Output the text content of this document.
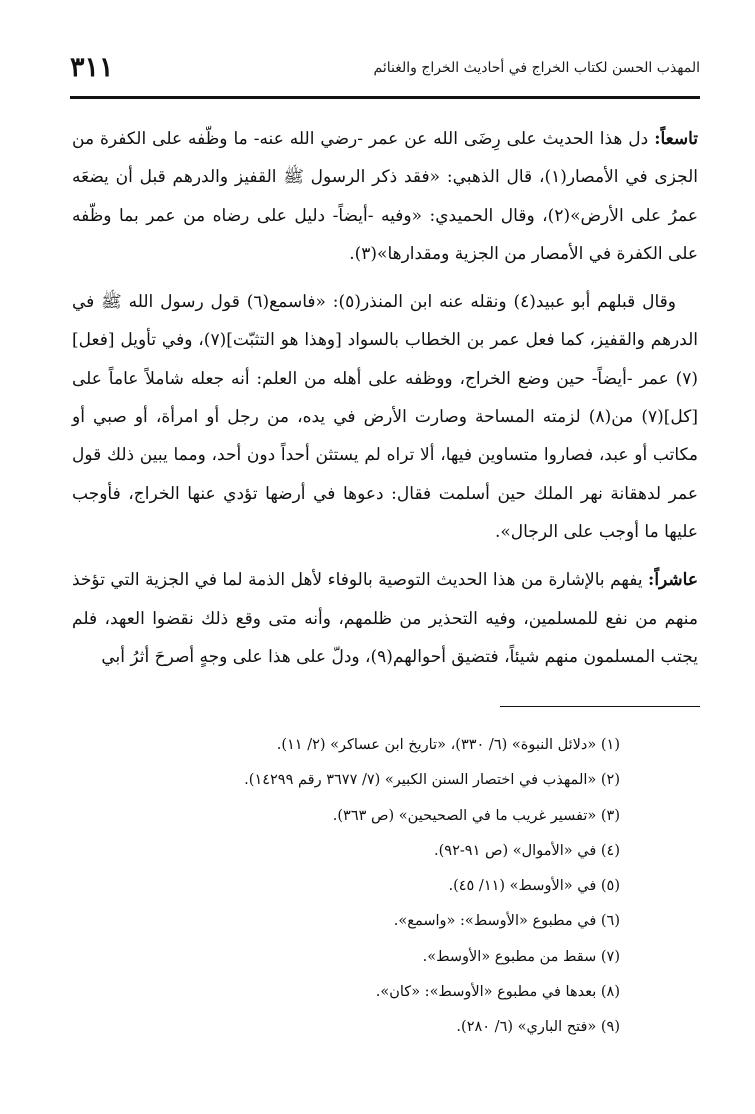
٣١١	المهذب الحسن لكتاب الخراج في أحاديث الخراج والغنائم

تاسعاً: دل هذا الحديث على رِضَى الله عن عمر -رضي الله عنه- ما وظّفه على الكفرة من الجزى في الأمصار(١)، قال الذهبي: «فقد ذكر الرسول ﷺ القفيز والدرهم قبل أن يضعَه عمرُ على الأرض»(٢)، وقال الحميدي: «وفيه -أيضاً- دليل على رضاه من عمر بما وظّفه على الكفرة في الأمصار من الجزية ومقدارها»(٣).

وقال قبلهم أبو عبيد(٤) ونقله عنه ابن المنذر(٥): «فاسمع(٦) قول رسول الله ﷺ في الدرهم والقفيز، كما فعل عمر بن الخطاب بالسواد [وهذا هو التثبّت](٧)، وفي تأويل [فعل](٧) عمر -أيضاً- حين وضع الخراج، ووظفه على أهله من العلم: أنه جعله شاملاً عاماً على [كل](٧) من(٨) لزمته المساحة وصارت الأرض في يده، من رجل أو امرأة، أو صبي أو مكاتب أو عبد، فصاروا متساوين فيها، ألا تراه لم يستثن أحداً دون أحد، ومما يبين ذلك قول عمر لدهقانة نهر الملك حين أسلمت فقال: دعوها في أرضها تؤدي عنها الخراج، فأوجب عليها ما أوجب على الرجال».

عاشراً: يفهم بالإشارة من هذا الحديث التوصية بالوفاء لأهل الذمة لما في الجزية التي تؤخذ منهم من نفع للمسلمين، وفيه التحذير من ظلمهم، وأنه متى وقع ذلك نقضوا العهد، فلم يجتب المسلمون منهم شيئاً، فتضيق أحوالهم(٩)، ودلّ على هذا على وجهٍ أصرحَ أثرُ أبي

(١) «دلائل النبوة» (٦/ ٣٣٠)، «تاريخ ابن عساكر» (٢/ ١١).
(٢) «المهذب في اختصار السنن الكبير» (٧/ ٣٦٧٧ رقم ١٤٢٩٩).
(٣) «تفسير غريب ما في الصحيحين» (ص ٣٦٣).
(٤) في «الأموال» (ص ٩١-٩٢).
(٥) في «الأوسط» (١١/ ٤٥).
(٦) في مطبوع «الأوسط»: «واسمع».
(٧) سقط من مطبوع «الأوسط».
(٨) بعدها في مطبوع «الأوسط»: «كان».
(٩) «فتح الباري» (٦/ ٢٨٠).
